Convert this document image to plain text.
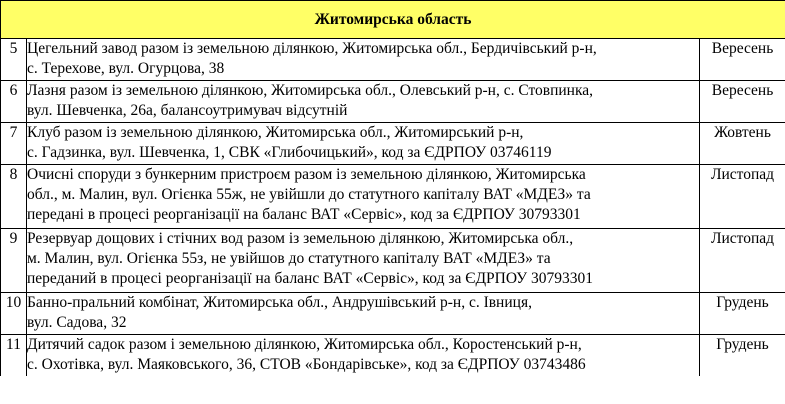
Житомирська область		
5	Цегельний завод разом із земельною ділянкою, Житомирська обл., Бердичівський р-н,
с. Терехове, вул. Огурцова, 38	Вересень
6	Лазня разом із земельною ділянкою, Житомирська обл., Олевський р-н, с. Стовпинка,
вул. Шевченка, 26а, балансоутримувач відсутній	Вересень
7	Клуб разом із земельною ділянкою, Житомирська обл., Житомирський р-н,
с. Гадзинка, вул. Шевченка, 1, СВК «Глибочицький», код за ЄДРПОУ 03746119	Жовтень
8	Очисні споруди з бункерним пристроєм разом із земельною ділянкою, Житомирська
обл., м. Малин, вул. Огієнка 55ж, не увійшли до статутного капіталу ВАТ «МДЕЗ» та
передані в процесі реорганізації на баланс ВАТ «Сервіс», код за ЄДРПОУ 30793301	Листопад
9	Резервуар дощових і стічних вод разом із земельною ділянкою, Житомирська обл.,
м. Малин, вул. Огієнка 55з, не увійшов до статутного капіталу ВАТ «МДЕЗ» та
переданий в процесі реорганізації на баланс ВАТ «Сервіс», код за ЄДРПОУ 30793301	Листопад
10	Банно-пральний комбінат, Житомирська обл., Андрушівський р-н, с. Івниця,
вул. Садова, 32	Грудень
11	Дитячий садок разом і земельною ділянкою, Житомирська обл., Коростенський р-н,
с. Охотівка, вул. Маяковського, 36, СТОВ «Бондарівське», код за ЄДРПОУ 03743486	Грудень
